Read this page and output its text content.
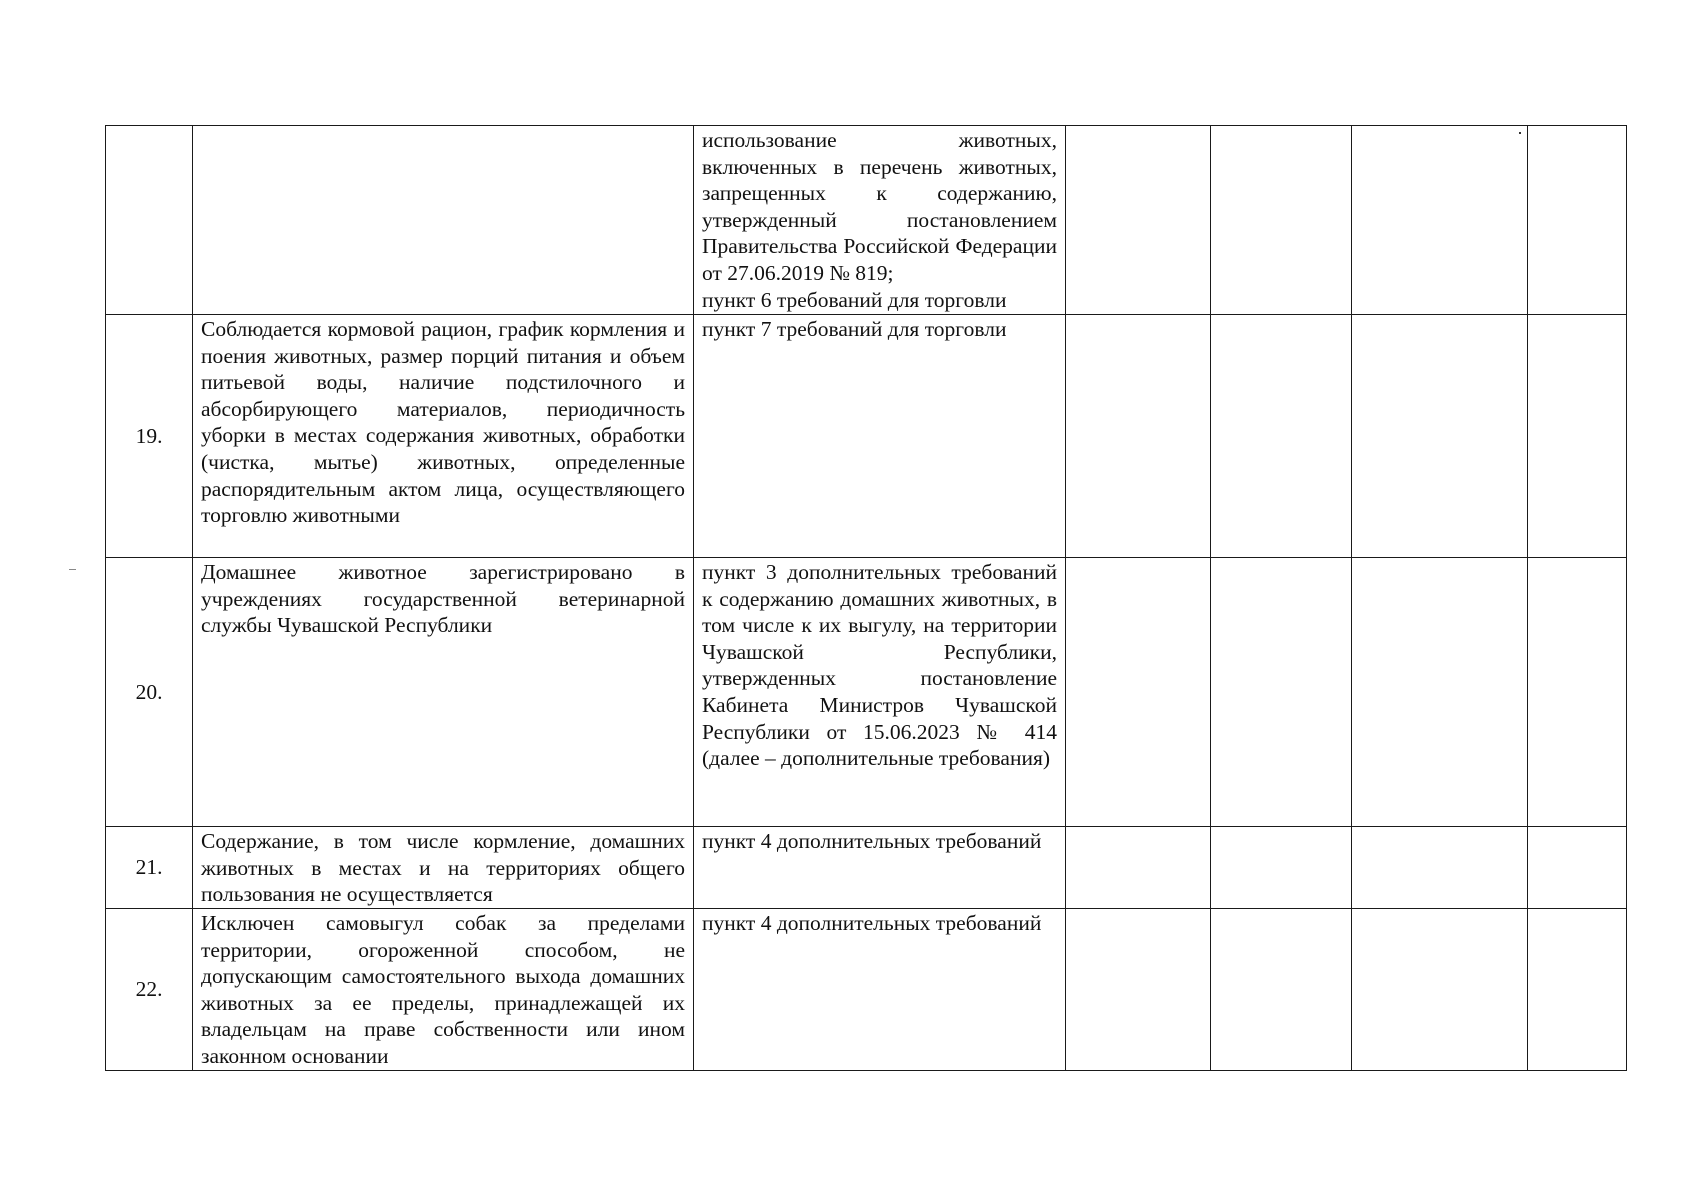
		использование животных, включенных в перечень животных, запрещенных к содержанию, утвержденный постановлением Правительства Российской Федерации от 27.06.2019 № 819;
пункт 6 требований для торговли				

19.	Соблюдается кормовой рацион, график кормления и поения животных, размер порций питания и объем питьевой воды, наличие подстилочного и абсорбирующего материалов, периодичность уборки в местах содержания животных, обработки (чистка, мытье) животных, определенные распорядительным актом лица, осуществляющего торговлю животными	пункт 7 требований для торговли				

20.	Домашнее животное зарегистрировано в учреждениях государственной ветеринарной службы Чувашской Республики	пункт 3 дополнительных требований к содержанию домашних животных, в том числе к их выгулу, на территории Чувашской Республики, утвержденных постановление Кабинета Министров Чувашской Республики от 15.06.2023 № 414 (далее – дополнительные требования)				

21.	Содержание, в том числе кормление, домашних животных в местах и на территориях общего пользования не осуществляется	пункт 4 дополнительных требований				

22.	Исключен самовыгул собак за пределами территории, огороженной способом, не допускающим самостоятельного выхода домашних животных за ее пределы, принадлежащей их владельцам на праве собственности или ином законном основании	пункт 4 дополнительных требований				
